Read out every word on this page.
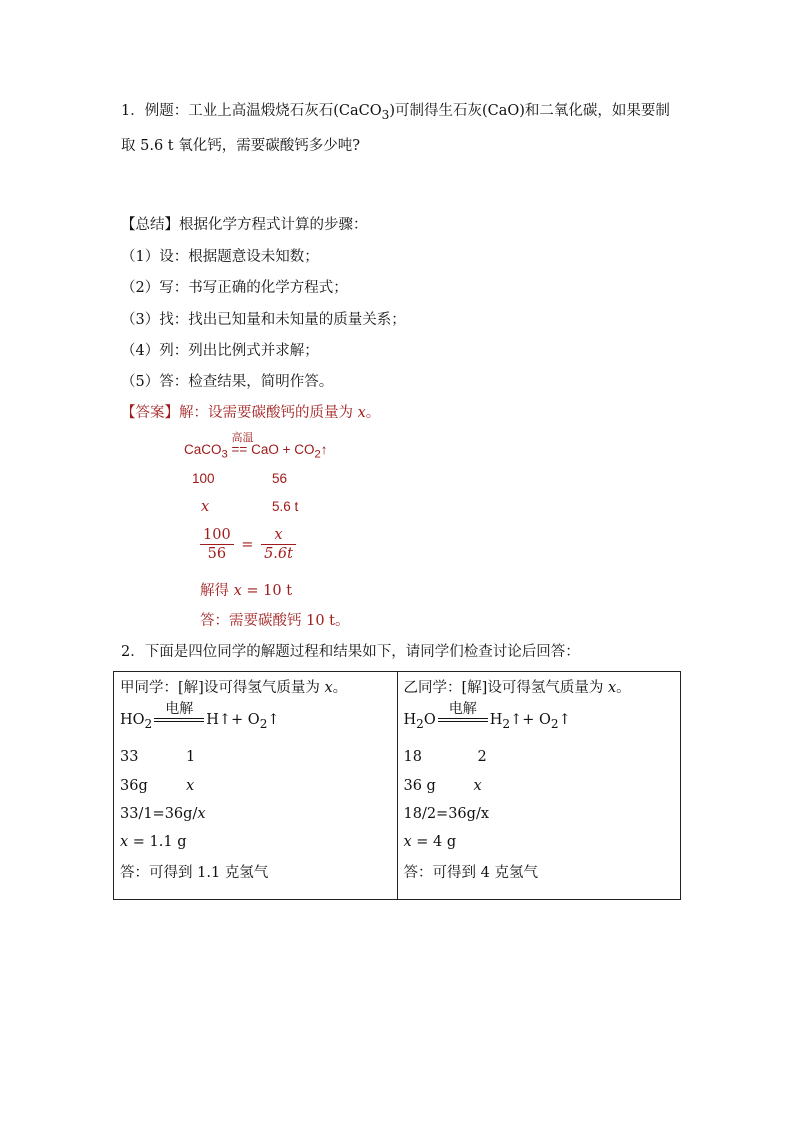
1．例题：工业上高温煅烧石灰石(CaCO$_3$)可制得生石灰(CaO)和二氧化碳，如果要制取 5.6 t 氧化钙，需要碳酸钙多少吨?
【总结】根据化学方程式计算的步骤：
（1）设：根据题意设未知数；
（2）写：书写正确的化学方程式；
（3）找：找出已知量和未知量的质量关系；
（4）列：列出比例式并求解；
（5）答：检查结果，简明作答。
【答案】解：设需要碳酸钙的质量为 x。
CaCO$_3$
高温
== CaO + $CO_2↑$
100	56
x	5.6 t
$\frac{100}{56} = \frac{x}{5.6t}$
解得 x = 10 t
答：需要碳酸钙 10 t。
2．下面是四位同学的解题过程和结果如下，请同学们检查讨论后回答：
甲同学：[解]设可得氢气质量为 x。
$HO_2$
电解
H↑+ $O_2↑$
33	1
36g	x
33/1=36g/x
x = 1.1 g
答：可得到 1.1 克氢气

乙同学：[解]设可得氢气质量为 x。
$H_2O$
电解
$H_2↑+$ $O_2↑$
18	2
36 g	x
18/2=36g/x
x = 4 g
答：可得到 4 克氢气
